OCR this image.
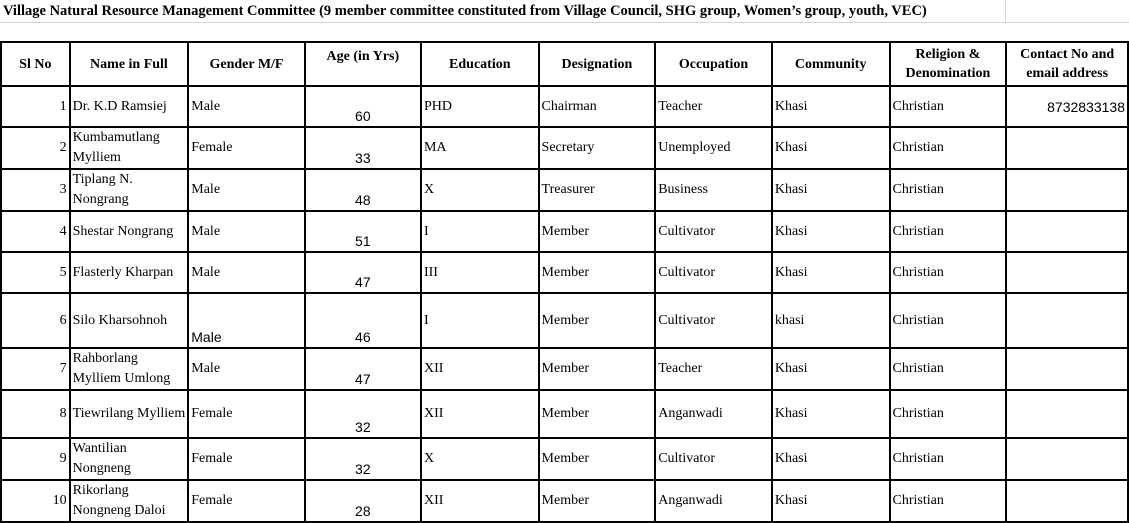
Village Natural Resource Management Committee (9 member committee constituted from Village Council, SHG group, Women’s group, youth, VEC)
Sl No	Name in Full	Gender M/F	Age (in Yrs)	Education	Designation	Occupation	Community	Religion & Denomination	Contact No and email address
1	Dr. K.D Ramsiej	Male	60	PHD	Chairman	Teacher	Khasi	Christian	8732833138
2	Kumbamutlang Mylliem	Female	33	MA	Secretary	Unemployed	Khasi	Christian	
3	Tiplang N. Nongrang	Male	48	X	Treasurer	Business	Khasi	Christian	
4	Shestar Nongrang	Male	51	I	Member	Cultivator	Khasi	Christian	
5	Flasterly Kharpan	Male	47	III	Member	Cultivator	Khasi	Christian	
6	Silo Kharsohnoh	Male	46	I	Member	Cultivator	khasi	Christian	
7	Rahborlang Mylliem Umlong	Male	47	XII	Member	Teacher	Khasi	Christian	
8	Tiewrilang Mylliem	Female	32	XII	Member	Anganwadi	Khasi	Christian	
9	Wantilian Nongneng	Female	32	X	Member	Cultivator	Khasi	Christian	
10	Rikorlang Nongneng Daloi	Female	28	XII	Member	Anganwadi	Khasi	Christian	
